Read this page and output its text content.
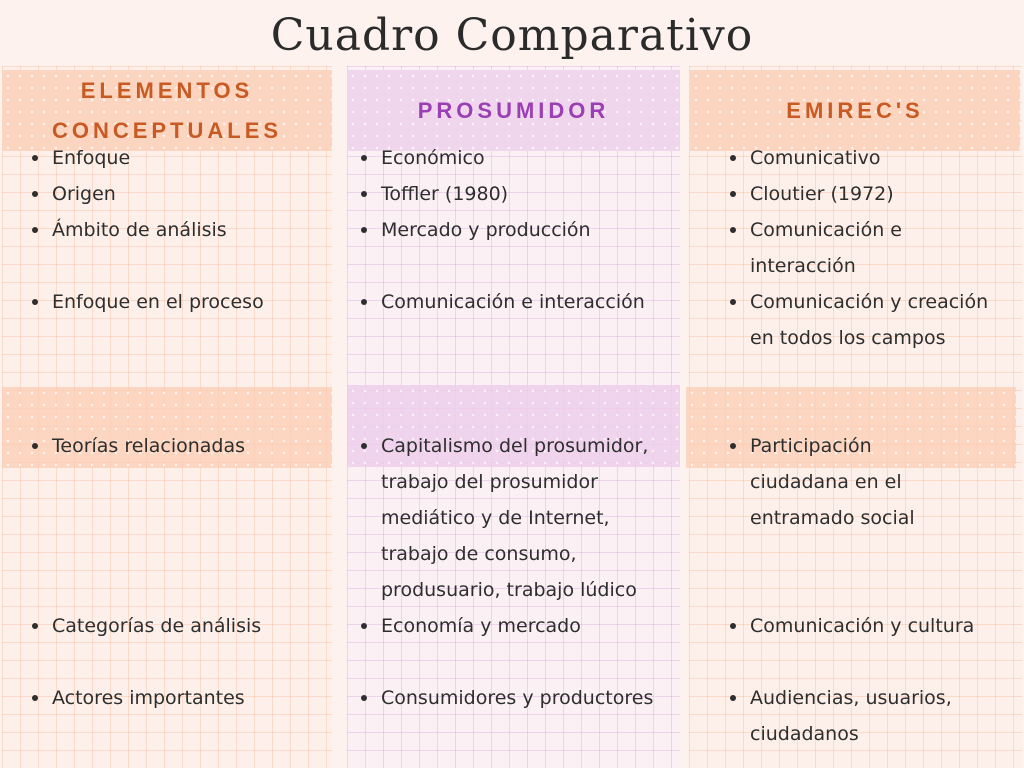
Cuadro Comparativo
ELEMENTOS CONCEPTUALES
PROSUMIDOR	EMIREC'S
Enfoque
Origen
Ámbito de análisis
Enfoque en el proceso
Teorías relacionadas
Categorías de análisis
Actores importantes
Económico
Toffler (1980)
Mercado y producción
Comunicación e interacción
Capitalismo del prosumidor, trabajo del prosumidor mediático y de Internet, trabajo de consumo, produsuario, trabajo lúdico
Economía y mercado
Consumidores y productores
Comunicativo
Cloutier (1972)
Comunicación e interacción
Comunicación y creación en todos los campos
Participación ciudadana en el entramado social
Comunicación y cultura
Audiencias, usuarios, ciudadanos
